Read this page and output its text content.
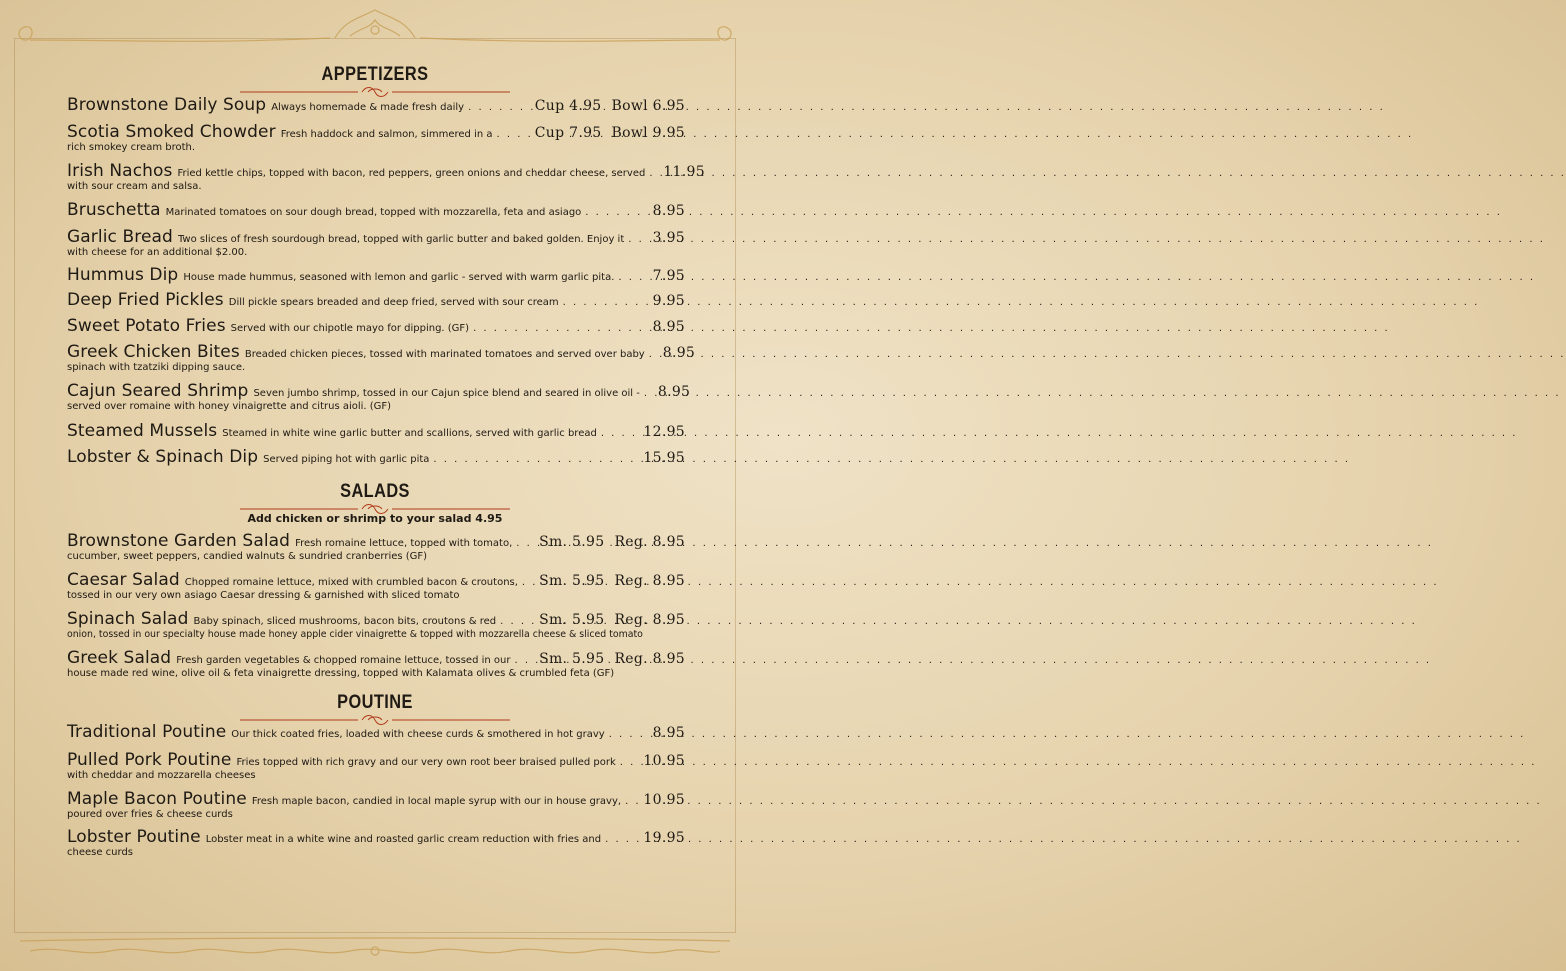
APPETIZERS
Brownstone Daily Soup Always homemade & made fresh daily . . .	Cup 4.95 Bowl 6.95
Scotia Smoked Chowder Fresh haddock and salmon, simmered in a . . .	Cup 7.95 Bowl 9.95
rich smokey cream broth.
Irish Nachos Fried kettle chips, topped with bacon, red peppers, green onions and cheddar cheese, served . . . 11.95
with sour cream and salsa.
Bruschetta Marinated tomatoes on sour dough bread, topped with mozzarella, feta and asiago . . .	8.95
Garlic Bread Two slices of fresh sourdough bread, topped with garlic butter and baked golden. Enjoy it . . . 3.95
with cheese for an additional $2.00.
Hummus Dip House made hummus, seasoned with lemon and garlic - served with warm garlic pita. . . .	7.95
Deep Fried Pickles Dill pickle spears breaded and deep fried, served with sour cream . . .	9.95
Sweet Potato Fries Served with our chipotle mayo for dipping. (GF) . . .	8.95
Greek Chicken Bites Breaded chicken pieces, tossed with marinated tomatoes and served over baby . . . 8.95
spinach with tzatziki dipping sauce.
Cajun Seared Shrimp Seven jumbo shrimp, tossed in our Cajun spice blend and seared in olive oil - . . . 8.95
served over romaine with honey vinaigrette and citrus aioli. (GF)
Steamed Mussels Steamed in white wine garlic butter and scallions, served with garlic bread . . .	12.95
Lobster & Spinach Dip Served piping hot with garlic pita . . .	15.95
SALADS
Add chicken or shrimp to your salad 4.95
Brownstone Garden Salad Fresh romaine lettuce, topped with tomato, . . . Sm. 5.95 Reg. 8.95
cucumber, sweet peppers, candied walnuts & sundried cranberries (GF)
Caesar Salad Chopped romaine lettuce, mixed with crumbled bacon & croutons, . . . Sm. 5.95 Reg. 8.95
tossed in our very own asiago Caesar dressing & garnished with sliced tomato
Spinach Salad Baby spinach, sliced mushrooms, bacon bits, croutons & red . . .	Sm. 5.95 Reg. 8.95
onion, tossed in our specialty house made honey apple cider vinaigrette & topped with mozzarella cheese & sliced tomato
Greek Salad Fresh garden vegetables & chopped romaine lettuce, tossed in our . . . Sm. 5.95 Reg. 8.95
house made red wine, olive oil & feta vinaigrette dressing, topped with Kalamata olives & crumbled feta (GF)
POUTINE
Traditional Poutine Our thick coated fries, loaded with cheese curds & smothered in hot gravy . . .	8.95
Pulled Pork Poutine Fries topped with rich gravy and our very own root beer braised pulled pork . . . 10.95
with cheddar and mozzarella cheeses
Maple Bacon Poutine Fresh maple bacon, candied in local maple syrup with our in house gravy, . . . 10.95
poured over fries & cheese curds
Lobster Poutine Lobster meat in a white wine and roasted garlic cream reduction with fries and . . .	19.95
cheese curds
